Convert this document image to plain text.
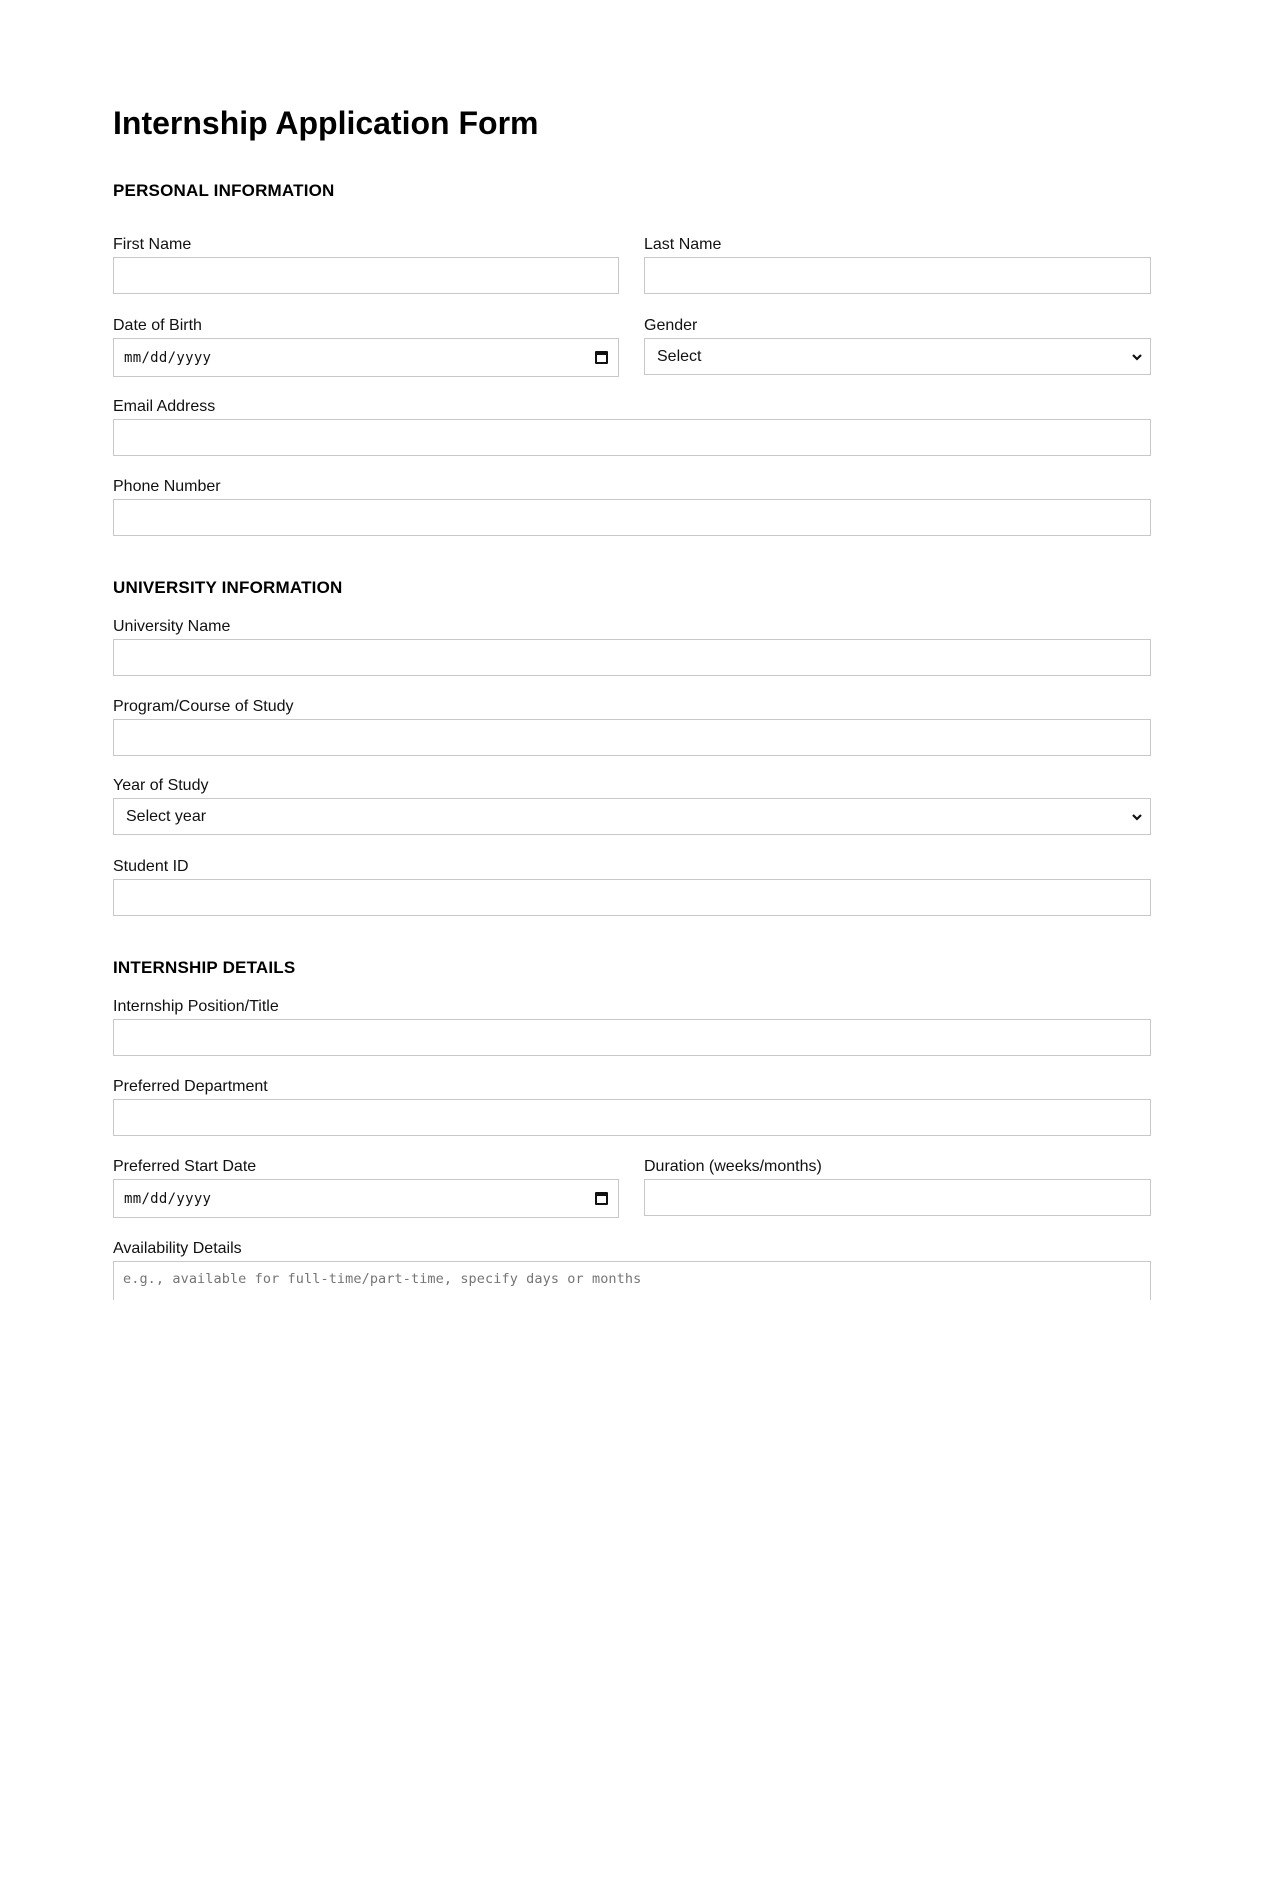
Internship Application Form
PERSONAL INFORMATION
First Name	Last Name
Date of Birth
mm/dd/yyyy
Gender
Select
Email Address
Phone Number
UNIVERSITY INFORMATION
University Name
Program/Course of Study
Year of Study
Select year
Student ID
INTERNSHIP DETAILS
Internship Position/Title
Preferred Department
Preferred Start Date
mm/dd/yyyy
Duration (weeks/months)
Availability Details
e.g., available for full-time/part-time, specify days or months
